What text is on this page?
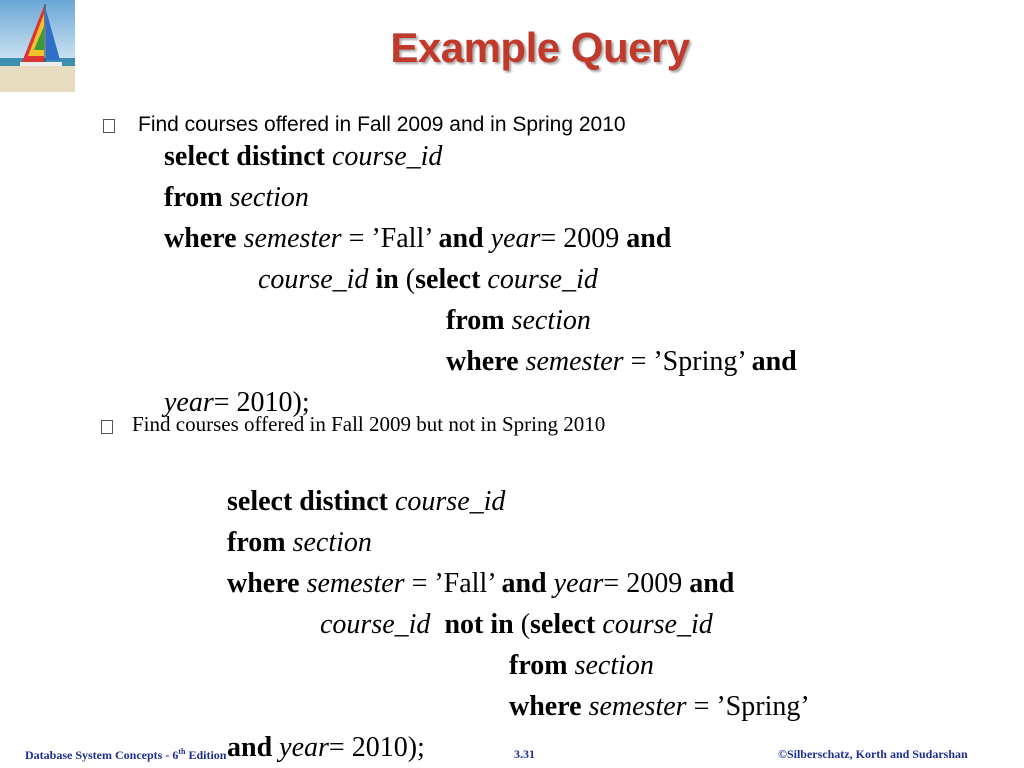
Example Query
Find courses offered in Fall 2009 and in Spring 2010
select distinct course_id
from section
where semester = ’Fall’ and year= 2009 and
course_id in (select course_id
from section
where semester = ’Spring’ and
year= 2010);
Find courses offered in Fall 2009 but not in Spring 2010
select distinct course_id
from section
where semester = ’Fall’ and year= 2009 and
course_id not in (select course_id
from section
where semester = ’Spring’
and year= 2010);
Database System Concepts - 6th Edition	3.31	©Silberschatz, Korth and Sudarshan
